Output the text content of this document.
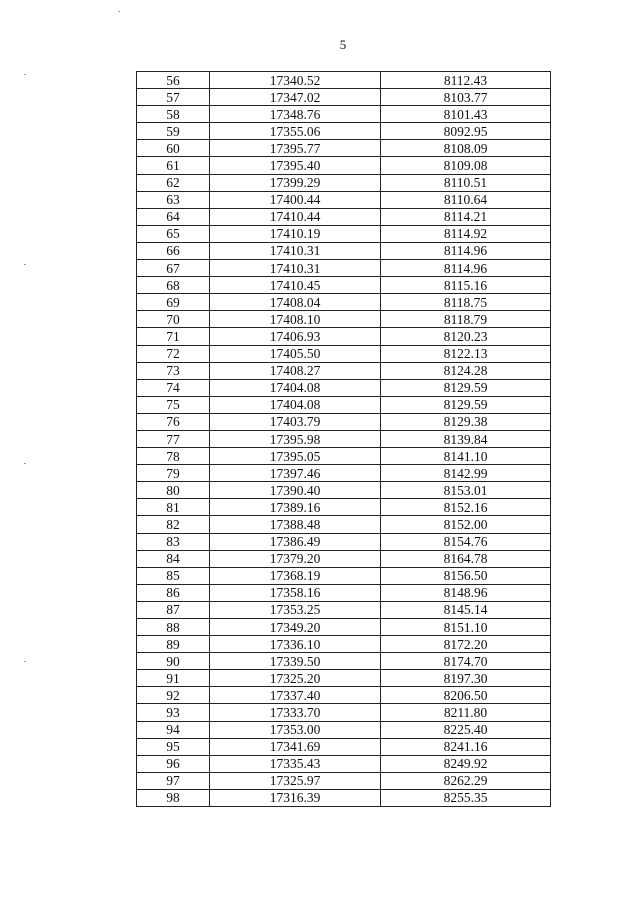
5
56	17340.52	8112.43
57	17347.02	8103.77
58	17348.76	8101.43
59	17355.06	8092.95
60	17395.77	8108.09
61	17395.40	8109.08
62	17399.29	8110.51
63	17400.44	8110.64
64	17410.44	8114.21
65	17410.19	8114.92
66	17410.31	8114.96
67	17410.31	8114.96
68	17410.45	8115.16
69	17408.04	8118.75
70	17408.10	8118.79
71	17406.93	8120.23
72	17405.50	8122.13
73	17408.27	8124.28
74	17404.08	8129.59
75	17404.08	8129.59
76	17403.79	8129.38
77	17395.98	8139.84
78	17395.05	8141.10
79	17397.46	8142.99
80	17390.40	8153.01
81	17389.16	8152.16
82	17388.48	8152.00
83	17386.49	8154.76
84	17379.20	8164.78
85	17368.19	8156.50
86	17358.16	8148.96
87	17353.25	8145.14
88	17349.20	8151.10
89	17336.10	8172.20
90	17339.50	8174.70
91	17325.20	8197.30
92	17337.40	8206.50
93	17333.70	8211.80
94	17353.00	8225.40
95	17341.69	8241.16
96	17335.43	8249.92
97	17325.97	8262.29
98	17316.39	8255.35
